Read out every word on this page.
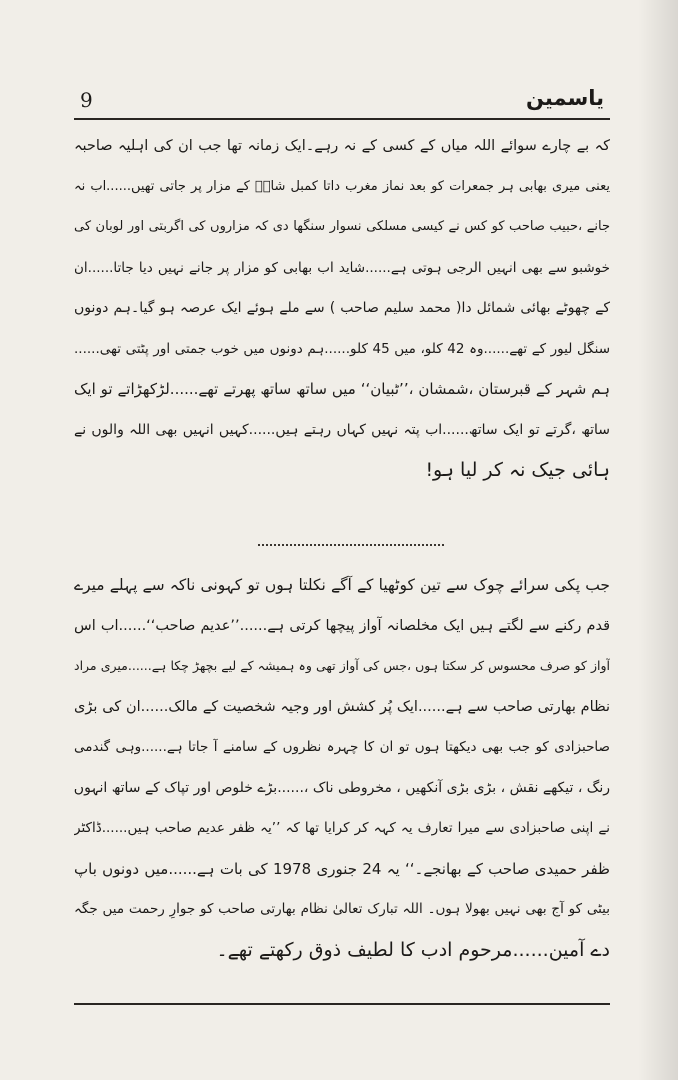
9	یاسمین
کہ بے چارے سوائے اللہ میاں کے کسی کے نہ رہے۔ایک زمانہ تھا جب ان کی اہلیہ صاحبہ
یعنی میری بھابی ہر جمعرات کو بعد نماز مغرب داتا کمبل شاہؒ کے مزار پر جاتی تھیں......اب نہ
جانے ،حبیب صاحب کو کس نے کیسی مسلکی نسوار سنگھا دی کہ مزاروں کی اگربتی اور لوبان کی
خوشبو سے بھی انہیں الرجی ہوتی ہے......شاید اب بھابی کو مزار پر جانے نہیں دیا جاتا......ان
کے چھوٹے بھائی شمائل دا( محمد سلیم صاحب ) سے ملے ہوئے ایک عرصہ ہو گیا۔ہم دونوں
سنگل لیور کے تھے......وہ 42 کلو، میں 45 کلو......ہم دونوں میں خوب جمتی اور پٹتی تھی......
ہم شہر کے قبرستان ،شمشان ،’’ٹبیان‘‘ میں ساتھ ساتھ پھرتے تھے......لڑکھڑاتے تو ایک
ساتھ ،گرتے تو ایک ساتھ......اب پتہ نہیں کہاں رہتے ہیں......کہیں انہیں بھی اللہ والوں نے
ہائی جیک نہ کر لیا ہو!
جب پکی سرائے چوک سے تین کوٹھیا کے آگے نکلتا ہوں تو کہونی ناکہ سے پہلے میرے
قدم رکنے سے لگتے ہیں ایک مخلصانہ آواز پیچھا کرتی ہے......’’عدیم صاحب‘‘......اب اس
آواز کو صرف محسوس کر سکتا ہوں ،جس کی آواز تھی وہ ہمیشہ کے لیے بچھڑ چکا ہے......میری مراد
نظام بھارتی صاحب سے ہے......ایک پُر کشش اور وجیہ شخصیت کے مالک......ان کی بڑی
صاحبزادی کو جب بھی دیکھتا ہوں تو ان کا چہرہ نظروں کے سامنے آ جاتا ہے......وہی گندمی
رنگ ، تیکھے نقش ، بڑی بڑی آنکھیں ، مخروطی ناک ،......بڑے خلوص اور تپاک کے ساتھ انہوں
نے اپنی صاحبزادی سے میرا تعارف یہ کہہ کر کرایا تھا کہ ’’یہ ظفر عدیم صاحب ہیں......ڈاکٹر
ظفر حمیدی صاحب کے بھانجے۔‘‘ یہ 24 جنوری 1978 کی بات ہے......میں دونوں باپ
بیٹی کو آج بھی نہیں بھولا ہوں۔ اللہ تبارک تعالیٰ نظام بھارتی صاحب کو جوارِ رحمت میں جگہ
دے آمین......مرحوم ادب کا لطیف ذوق رکھتے تھے۔
